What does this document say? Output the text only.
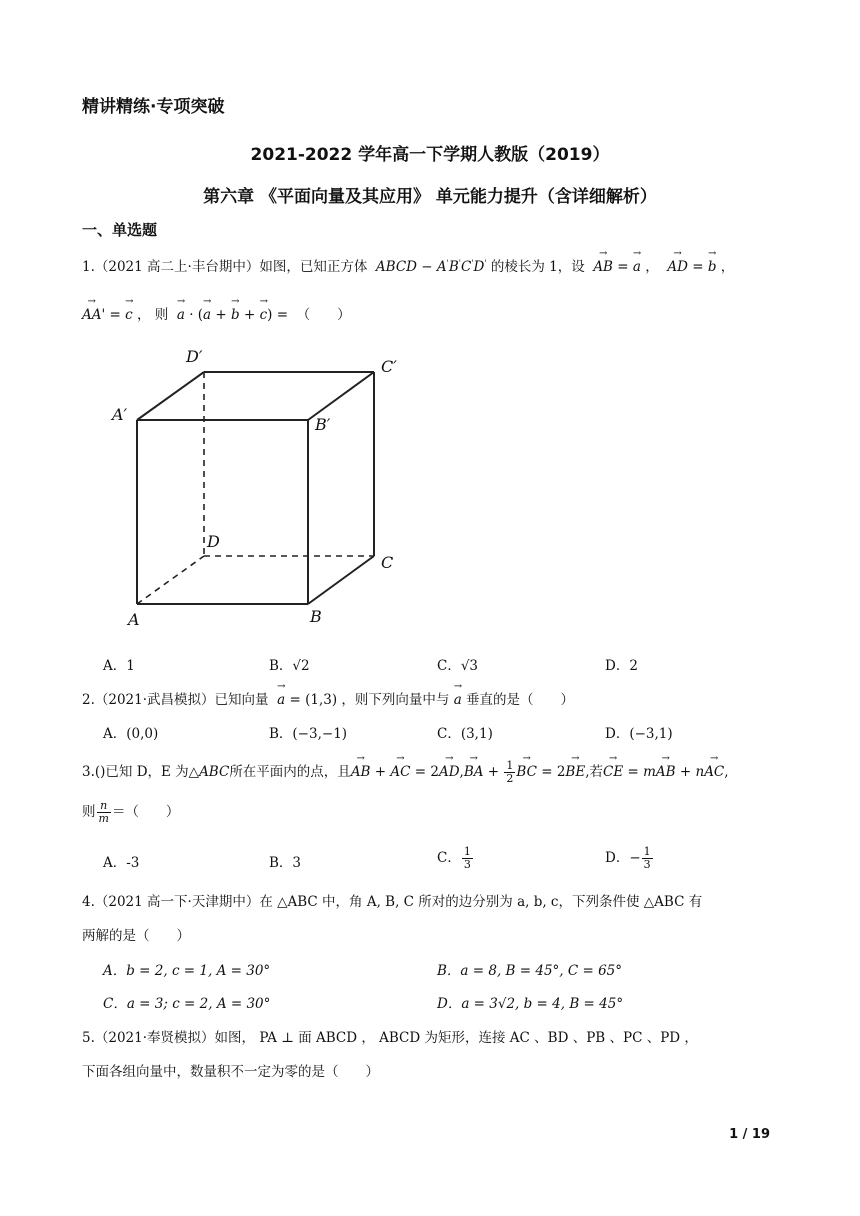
精讲精练·专项突破
2021-2022 学年高一下学期人教版（2019）
第六章 《平面向量及其应用》 单元能力提升（含详细解析）
一、单选题
1.（2021 高二上·丰台期中）如图，已知正方体  ABCD − A'B'C'D' 的棱长为 1，设  → AB = → a ，  → AD = → b ，
→ AA' = → c ， 则  → a · (→ a + → b + → c) =  （　　）
D′
C′
A′
B′
D
C
A	B
A．1	B．√2	C．√3	D．2
2.（2021·武昌模拟）已知向量 → a = (1,3) ，则下列向量中与 → a 垂直的是（　　）
A．(0,0)	B．(−3,−1)	C．(3,1)	D．(−3,1)
3.()已知 D，E 为△ABC所在平面内的点，且→ AB + → AC = 2→ AD,→ BA + $\frac{1}{2}$ → BC = 2→ BE,若→ CE = m→ AB + n→ AC,
则 $\frac{n}{m}$ ＝（　　）
A．-3	B．3	C． $\frac{1}{3}$	D．− $\frac{1}{3}$
4.（2021 高一下·天津期中）在 △ABC 中，角 A, B, C 所对的边分别为 a, b, c，下列条件使 △ABC 有
两解的是（　　）
A．b = 2, c = 1, A = 30°	B．a = 8, B = 45°, C = 65°
C．a = 3; c = 2, A = 30°	D．a = 3√2, b = 4, B = 45°
5.（2021·奉贤模拟）如图， PA ⊥ 面 ABCD ， ABCD 为矩形，连接 AC 、BD 、PB 、PC 、PD ，
下面各组向量中，数量积不一定为零的是（　　）
1 / 19
